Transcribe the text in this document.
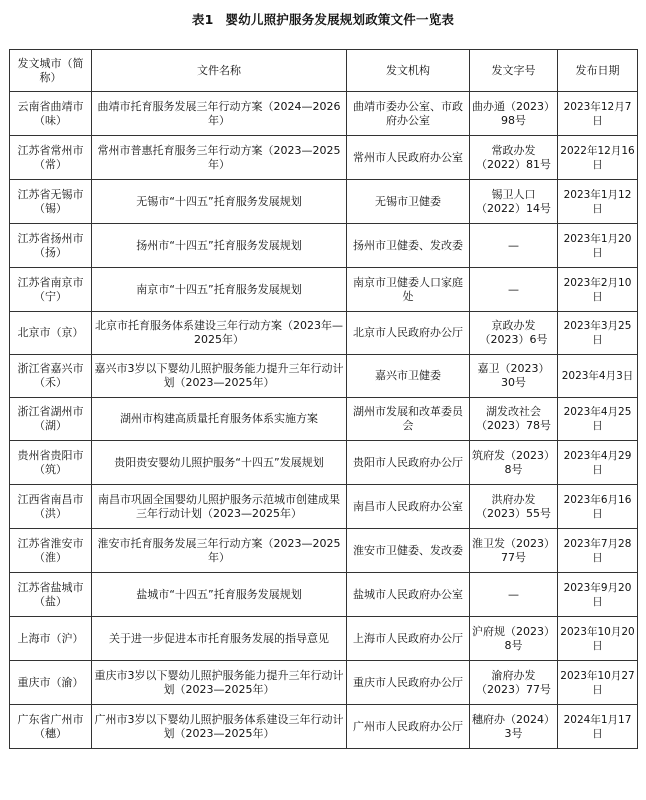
表1 婴幼儿照护服务发展规划政策文件一览表
发文城市（简称）	文件名称	发文机构	发文字号	发布日期
云南省曲靖市（味）	曲靖市托育服务发展三年行动方案（2024—2026年）	曲靖市委办公室、市政府办公室	曲办通（2023）98号	2023年12月7日
江苏省常州市（常）	常州市普惠托育服务三年行动方案（2023—2025年）	常州市人民政府办公室	常政办发（2022）81号	2022年12月16日
江苏省无锡市（锡）	无锡市“十四五”托育服务发展规划	无锡市卫健委	锡卫人口（2022）14号	2023年1月12日
江苏省扬州市（扬）	扬州市“十四五”托育服务发展规划	扬州市卫健委、发改委	—	2023年1月20日
江苏省南京市（宁）	南京市“十四五”托育服务发展规划	南京市卫健委人口家庭处	—	2023年2月10日
北京市（京）	北京市托育服务体系建设三年行动方案（2023年—2025年）	北京市人民政府办公厅	京政办发（2023）6号	2023年3月25日
浙江省嘉兴市（禾）	嘉兴市3岁以下婴幼儿照护服务能力提升三年行动计划（2023—2025年）	嘉兴市卫健委	嘉卫（2023）30号	2023年4月3日
浙江省湖州市（湖）	湖州市构建高质量托育服务体系实施方案	湖州市发展和改革委员会	湖发改社会（2023）78号	2023年4月25日
贵州省贵阳市（筑）	贵阳贵安婴幼儿照护服务“十四五”发展规划	贵阳市人民政府办公厅	筑府发（2023）8号	2023年4月29日
江西省南昌市（洪）	南昌市巩固全国婴幼儿照护服务示范城市创建成果三年行动计划（2023—2025年）	南昌市人民政府办公室	洪府办发（2023）55号	2023年6月16日
江苏省淮安市（淮）	淮安市托育服务发展三年行动方案（2023—2025年）	淮安市卫健委、发改委	淮卫发（2023）77号	2023年7月28日
江苏省盐城市（盐）	盐城市“十四五”托育服务发展规划	盐城市人民政府办公室	—	2023年9月20日
上海市（沪）	关于进一步促进本市托育服务发展的指导意见	上海市人民政府办公厅	沪府规（2023）8号	2023年10月20日
重庆市（渝）	重庆市3岁以下婴幼儿照护服务能力提升三年行动计划（2023—2025年）	重庆市人民政府办公厅	渝府办发（2023）77号	2023年10月27日
广东省广州市（穗）	广州市3岁以下婴幼儿照护服务体系建设三年行动计划（2023—2025年）	广州市人民政府办公厅	穗府办（2024）3号	2024年1月17日
